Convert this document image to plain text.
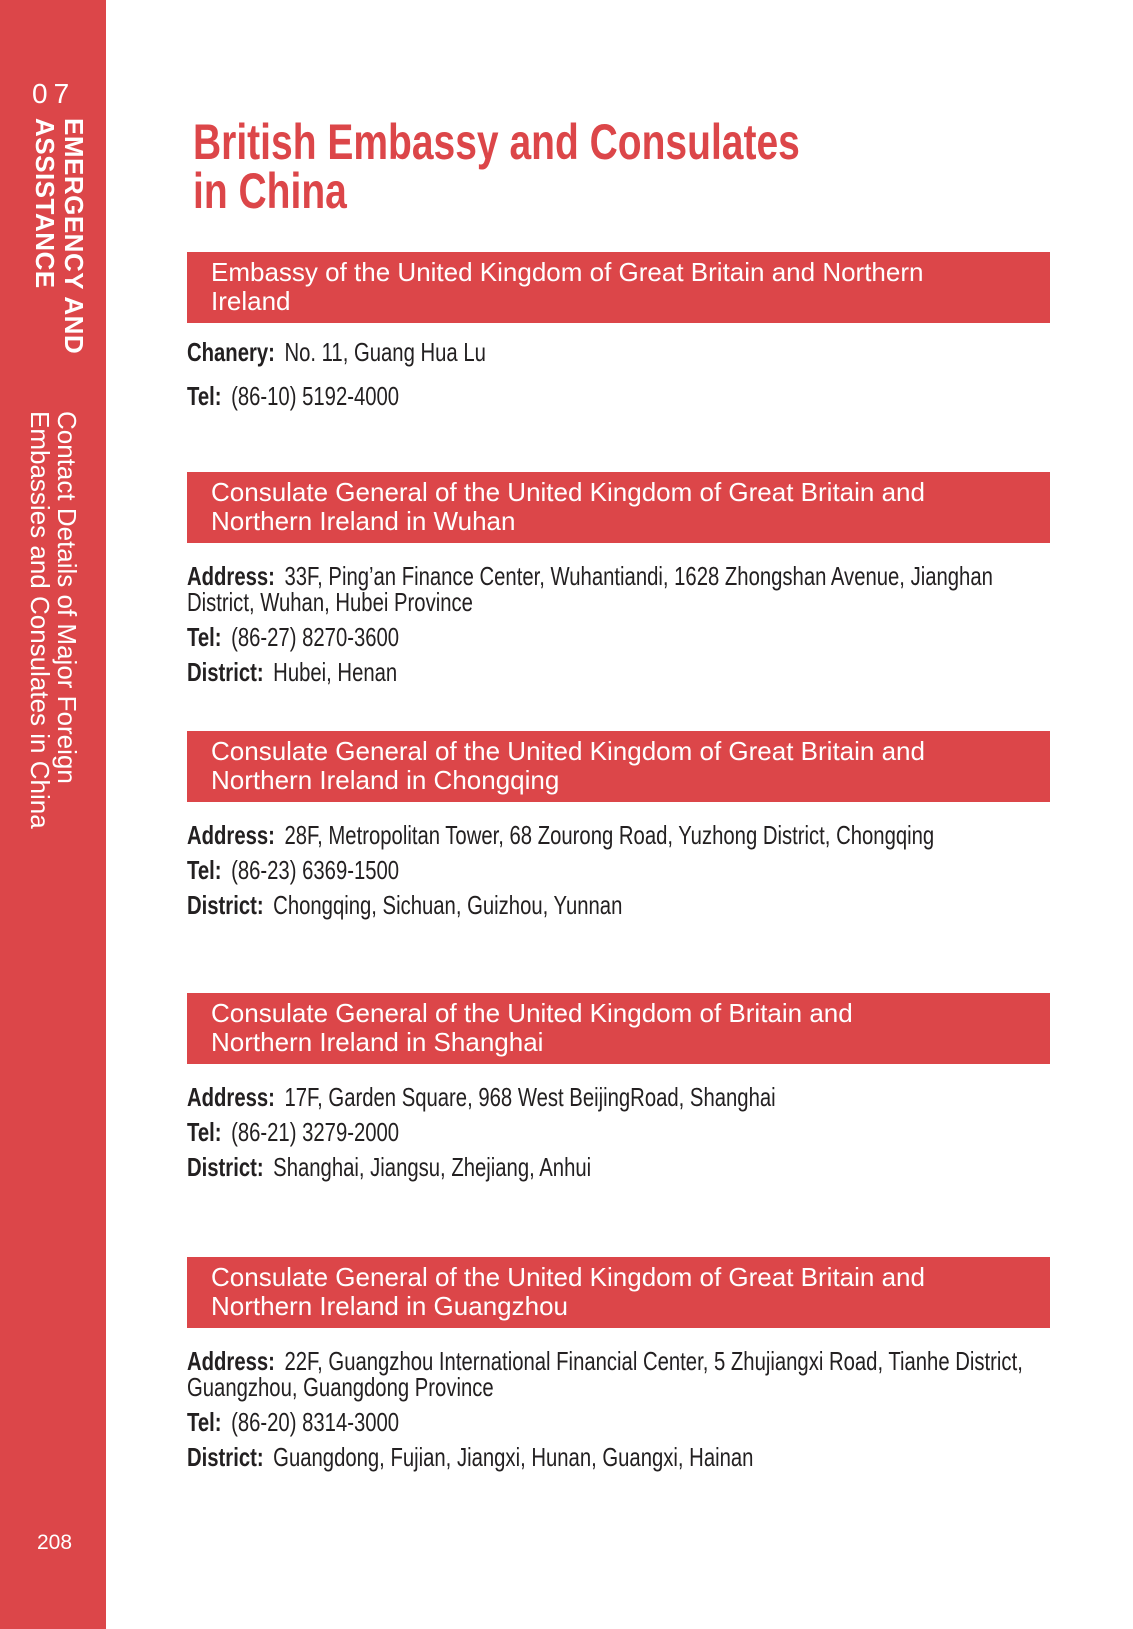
07
EMERGENCY AND
ASSISTANCE
Contact Details of Major Foreign
Embassies and Consulates in China
208
British Embassy and Consulates
in China
Embassy of the United Kingdom of Great Britain and Northern
Ireland

Chanery: No. 11, Guang Hua Lu

Tel: (86-10) 5192-4000

Consulate General of the United Kingdom of Great Britain and
Northern Ireland in Wuhan

Address: 33F, Ping’an Finance Center, Wuhantiandi, 1628 Zhongshan Avenue, Jianghan District, Wuhan, Hubei Province

Tel: (86-27) 8270-3600

District: Hubei, Henan

Consulate General of the United Kingdom of Great Britain and
Northern Ireland in Chongqing

Address: 28F, Metropolitan Tower, 68 Zourong Road, Yuzhong District, Chongqing

Tel: (86-23) 6369-1500

District: Chongqing, Sichuan, Guizhou, Yunnan

Consulate General of the United Kingdom of Britain and
Northern Ireland in Shanghai

Address: 17F, Garden Square, 968 West BeijingRoad, Shanghai

Tel: (86-21) 3279-2000

District: Shanghai, Jiangsu, Zhejiang, Anhui

Consulate General of the United Kingdom of Great Britain and
Northern Ireland in Guangzhou

Address: 22F, Guangzhou International Financial Center, 5 Zhujiangxi Road, Tianhe District, Guangzhou, Guangdong Province

Tel: (86-20) 8314-3000

District: Guangdong, Fujian, Jiangxi, Hunan, Guangxi, Hainan
